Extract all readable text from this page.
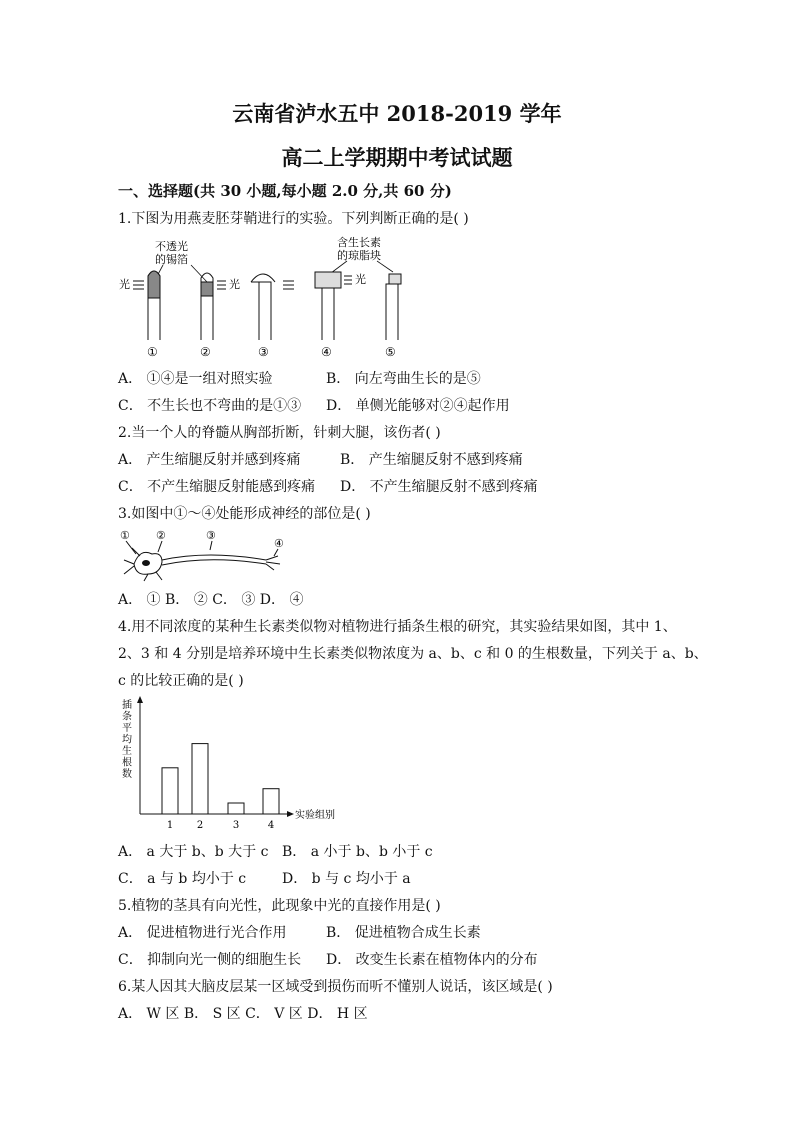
云南省泸水五中 2018-2019 学年
高二上学期期中考试试题
一、选择题(共 30 小题,每小题 2.0 分,共 60 分)
1.下图为用燕麦胚芽鞘进行的实验。下列判断正确的是( )
不透光
的锡箔
含生长素
的琼脂块
光	光	光
①	②	③	④	⑤
A． ①④是一组对照实验	B． 向左弯曲生长的是⑤
C． 不生长也不弯曲的是①③ D． 单侧光能够对②④起作用
2.当一个人的脊髓从胸部折断，针刺大腿，该伤者( )
A． 产生缩腿反射并感到疼痛	B． 产生缩腿反射不感到疼痛
C． 不产生缩腿反射能感到疼痛 D． 不产生缩腿反射不感到疼痛
3.如图中①～④处能形成神经的部位是( )
① ②	③
④
A． ① B． ② C． ③ D． ④
4.用不同浓度的某种生长素类似物对植物进行插条生根的研究，其实验结果如图，其中 1、
2、3 和 4 分别是培养环境中生长素类似物浓度为 a、b、c 和 0 的生根数量，下列关于 a、b、
c 的比较正确的是( )
实验组别
插
条
平
均
生
根
数
1 2	3	4
A． a 大于 b、b 大于 c B． a 小于 b、b 小于 c
C． a 与 b 均小于 c	D． b 与 c 均小于 a
5.植物的茎具有向光性，此现象中光的直接作用是( )
A． 促进植物进行光合作用	B． 促进植物合成生长素
C． 抑制向光一侧的细胞生长 D． 改变生长素在植物体内的分布
6.某人因其大脑皮层某一区域受到损伤而听不懂别人说话，该区域是( )
A． W 区 B． S 区 C． V 区 D． H 区
